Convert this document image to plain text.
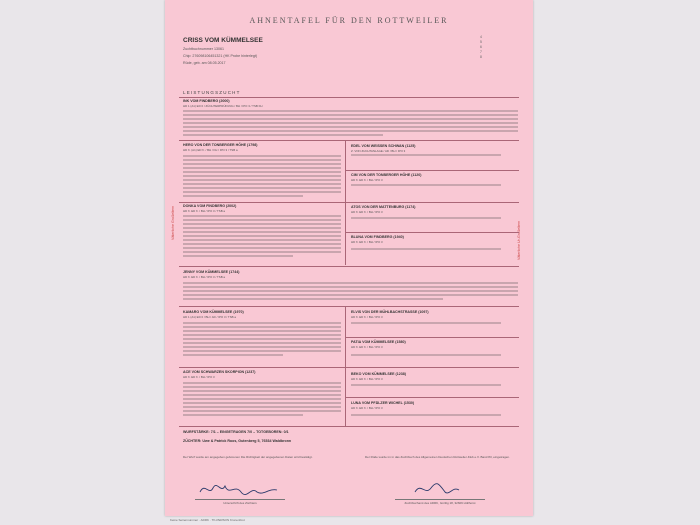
AHNENTAFEL FÜR DEN ROTTWEILER
CRISS VOM KÜMMELSEE
Zuchtbuchnummer 13061
Chip: 276098106451321 (HK Probe hinterlegt)
Rüde, geb. am 08.05.2017
4
5
6
7
8
LEISTUNGSZUCHT
Väterliche Großeltern	Väterliche Ur-Großeltern
INK VOM FINDBERG (2000)
HD 1 (A1) ED 0 / ZÜCHTERPRÜFUNG / BH / IPO 3 / TSB FH
HERO VON DER TONBERGER HÖHE (1798)
HD fr. (A1) ED fr. / BH / FH / IPO 3 / TSB a
DONKA VOM FINDBERG (2002)
HD fr. ED fr. / BH / IPO 3 / TSB a
EDEL VOM WEISSEN SCHWAN (1125)
Z. VON ZUCHTANLAGE / AD / BH / IPO 3
CIM VON DER TONBERGER HÖHE (1120)
HD fr. ED fr. / BH / IPO 3
ATOS VON DER MATTENBURG (1174)
HD fr. ED fr. / BH / IPO 3
BLUNA VOM FINDBERG (1940)
HD fr. ED fr. / BH / IPO 3
JENNY VOM KÜMMELSEE (1744)
HD fr. ED fr. / BH / IPO 3 / TSB a
KAMARO VOM KÜMMELSEE (1970)
HD 1 (A1) ED 0 / BH / AD / IPO 3 / TSB a
ACE VOM SCHWARZEN SKORPION (1237)
HD fr. ED fr. / BH / IPO 3
ELVIS VON DER MÜHLBACHSTRASSE (1097)
HD fr. ED fr. / BH / IPO 3
PATIA VOM KÜMMELSEE (1580)
HD fr. ED fr. / BH / IPO 3
BEKO VOM KÜMMELSEE (1238)
HD fr. ED fr. / BH / IPO 3
LUNA VOM PFÄLZER WICHEL (1530)
HD fr. ED fr. / BH / IPO 3
WURFSTÄRKE: 7/1 – EINGETRAGEN 7/0 – TOTGEBOREN: 0/1
ZÜCHTER: Uwe & Patrick Roos, Gutenberg 5, 76534 Waldbronn
Der Wurf wurde am angegeben geborenen Die Richtigkeit der angegebenen Daten wird bestätigt.	Der Rüde wurde im in das Zuchtbuch des Allgemeinen Deutschen Rottweiler-Klub e.V. Band 83, eingetragen.
Unterschrift des Züchters	Zuchtbuchamt des ADRK, Görtlig 18, 32609 Hüllhorst
Keine Seriennummer · ADRK · TK-PERSON Kronenbrot
